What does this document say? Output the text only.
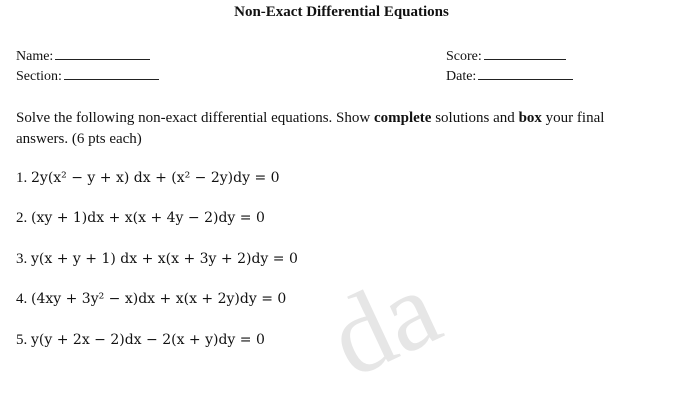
Non-Exact Differential Equations
Name:
Section:
Score:
Date:
Solve the following non-exact differential equations. Show complete solutions and box your final answers. (6 pts each)
1. 2y(x² − y + x) dx + (x² − 2y)dy = 0
2. (xy + 1)dx + x(x + 4y − 2)dy = 0
3. y(x + y + 1) dx + x(x + 3y + 2)dy = 0
4. (4xy + 3y² − x)dx + x(x + 2y)dy = 0
5. y(y + 2x − 2)dx − 2(x + y)dy = 0 da
